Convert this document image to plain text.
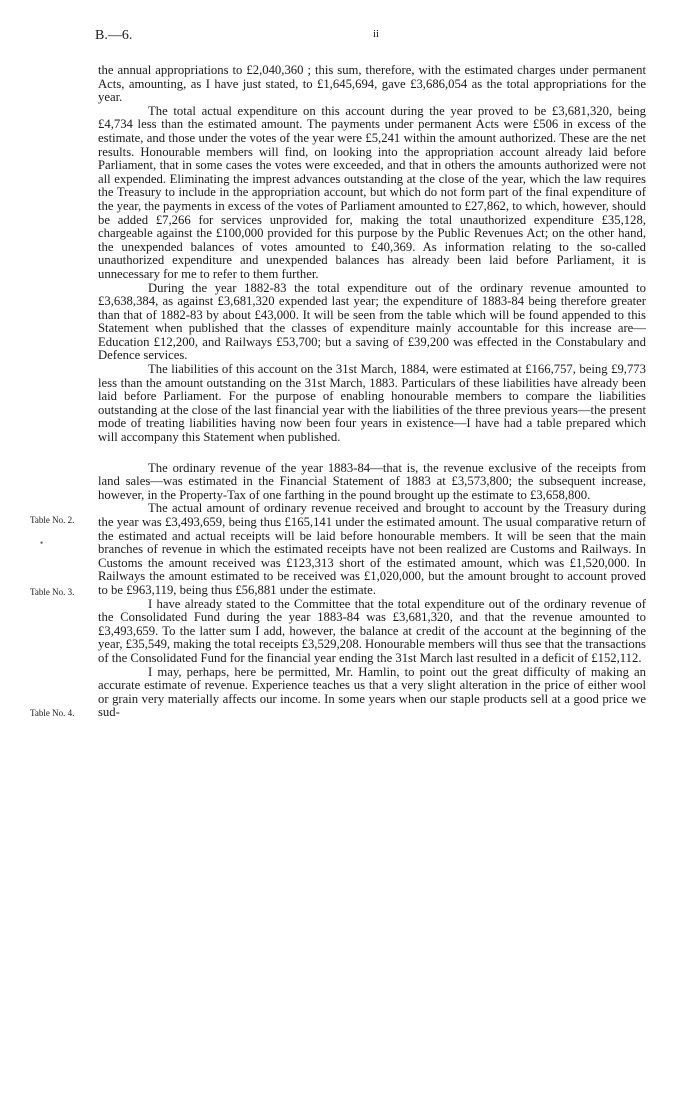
B.—6.	ii
Table No. 2.
Table No. 3.
Table No. 4.
•

the annual appropriations to £2,040,360 ; this sum, therefore, with the estimated charges under permanent Acts, amounting, as I have just stated, to £1,645,694, gave £3,686,054 as the total appropriations for the year.

The total actual expenditure on this account during the year proved to be £3,681,320, being £4,734 less than the estimated amount. The payments under permanent Acts were £506 in excess of the estimate, and those under the votes of the year were £5,241 within the amount authorized. These are the net results. Honourable members will find, on looking into the appropriation account already laid before Parliament, that in some cases the votes were exceeded, and that in others the amounts authorized were not all expended. Eliminating the imprest advances outstanding at the close of the year, which the law requires the Treasury to include in the appropriation account, but which do not form part of the final expenditure of the year, the payments in excess of the votes of Parliament amounted to £27,862, to which, however, should be added £7,266 for services unprovided for, making the total unauthorized expenditure £35,128, chargeable against the £100,000 provided for this purpose by the Public Revenues Act; on the other hand, the unexpended balances of votes amounted to £40,369. As information relating to the so-called unauthorized expenditure and unexpended balances has already been laid before Parliament, it is unnecessary for me to refer to them further.

During the year 1882-83 the total expenditure out of the ordinary revenue amounted to £3,638,384, as against £3,681,320 expended last year; the expenditure of 1883-84 being therefore greater than that of 1882-83 by about £43,000. It will be seen from the table which will be found appended to this Statement when published that the classes of expenditure mainly accountable for this increase are—Education £12,200, and Railways £53,700; but a saving of £39,200 was effected in the Constabulary and Defence services.

The liabilities of this account on the 31st March, 1884, were estimated at £166,757, being £9,773 less than the amount outstanding on the 31st March, 1883. Particulars of these liabilities have already been laid before Parliament. For the purpose of enabling honourable members to compare the liabilities outstanding at the close of the last financial year with the liabilities of the three previous years—the present mode of treating liabilities having now been four years in existence—I have had a table prepared which will accompany this Statement when published.

The ordinary revenue of the year 1883-84—that is, the revenue exclusive of the receipts from land sales—was estimated in the Financial Statement of 1883 at £3,573,800; the subsequent increase, however, in the Property-Tax of one farthing in the pound brought up the estimate to £3,658,800.

The actual amount of ordinary revenue received and brought to account by the Treasury during the year was £3,493,659, being thus £165,141 under the estimated amount. The usual comparative return of the estimated and actual receipts will be laid before honourable members. It will be seen that the main branches of revenue in which the estimated receipts have not been realized are Customs and Railways. In Customs the amount received was £123,313 short of the estimated amount, which was £1,520,000. In Railways the amount estimated to be received was £1,020,000, but the amount brought to account proved to be £963,119, being thus £56,881 under the estimate.

I have already stated to the Committee that the total expenditure out of the ordinary revenue of the Consolidated Fund during the year 1883-84 was £3,681,320, and that the revenue amounted to £3,493,659. To the latter sum I add, however, the balance at credit of the account at the beginning of the year, £35,549, making the total receipts £3,529,208. Honourable members will thus see that the transactions of the Consolidated Fund for the financial year ending the 31st March last resulted in a deficit of £152,112.

I may, perhaps, here be permitted, Mr. Hamlin, to point out the great difficulty of making an accurate estimate of revenue. Experience teaches us that a very slight alteration in the price of either wool or grain very materially affects our income. In some years when our staple products sell at a good price we sud-
